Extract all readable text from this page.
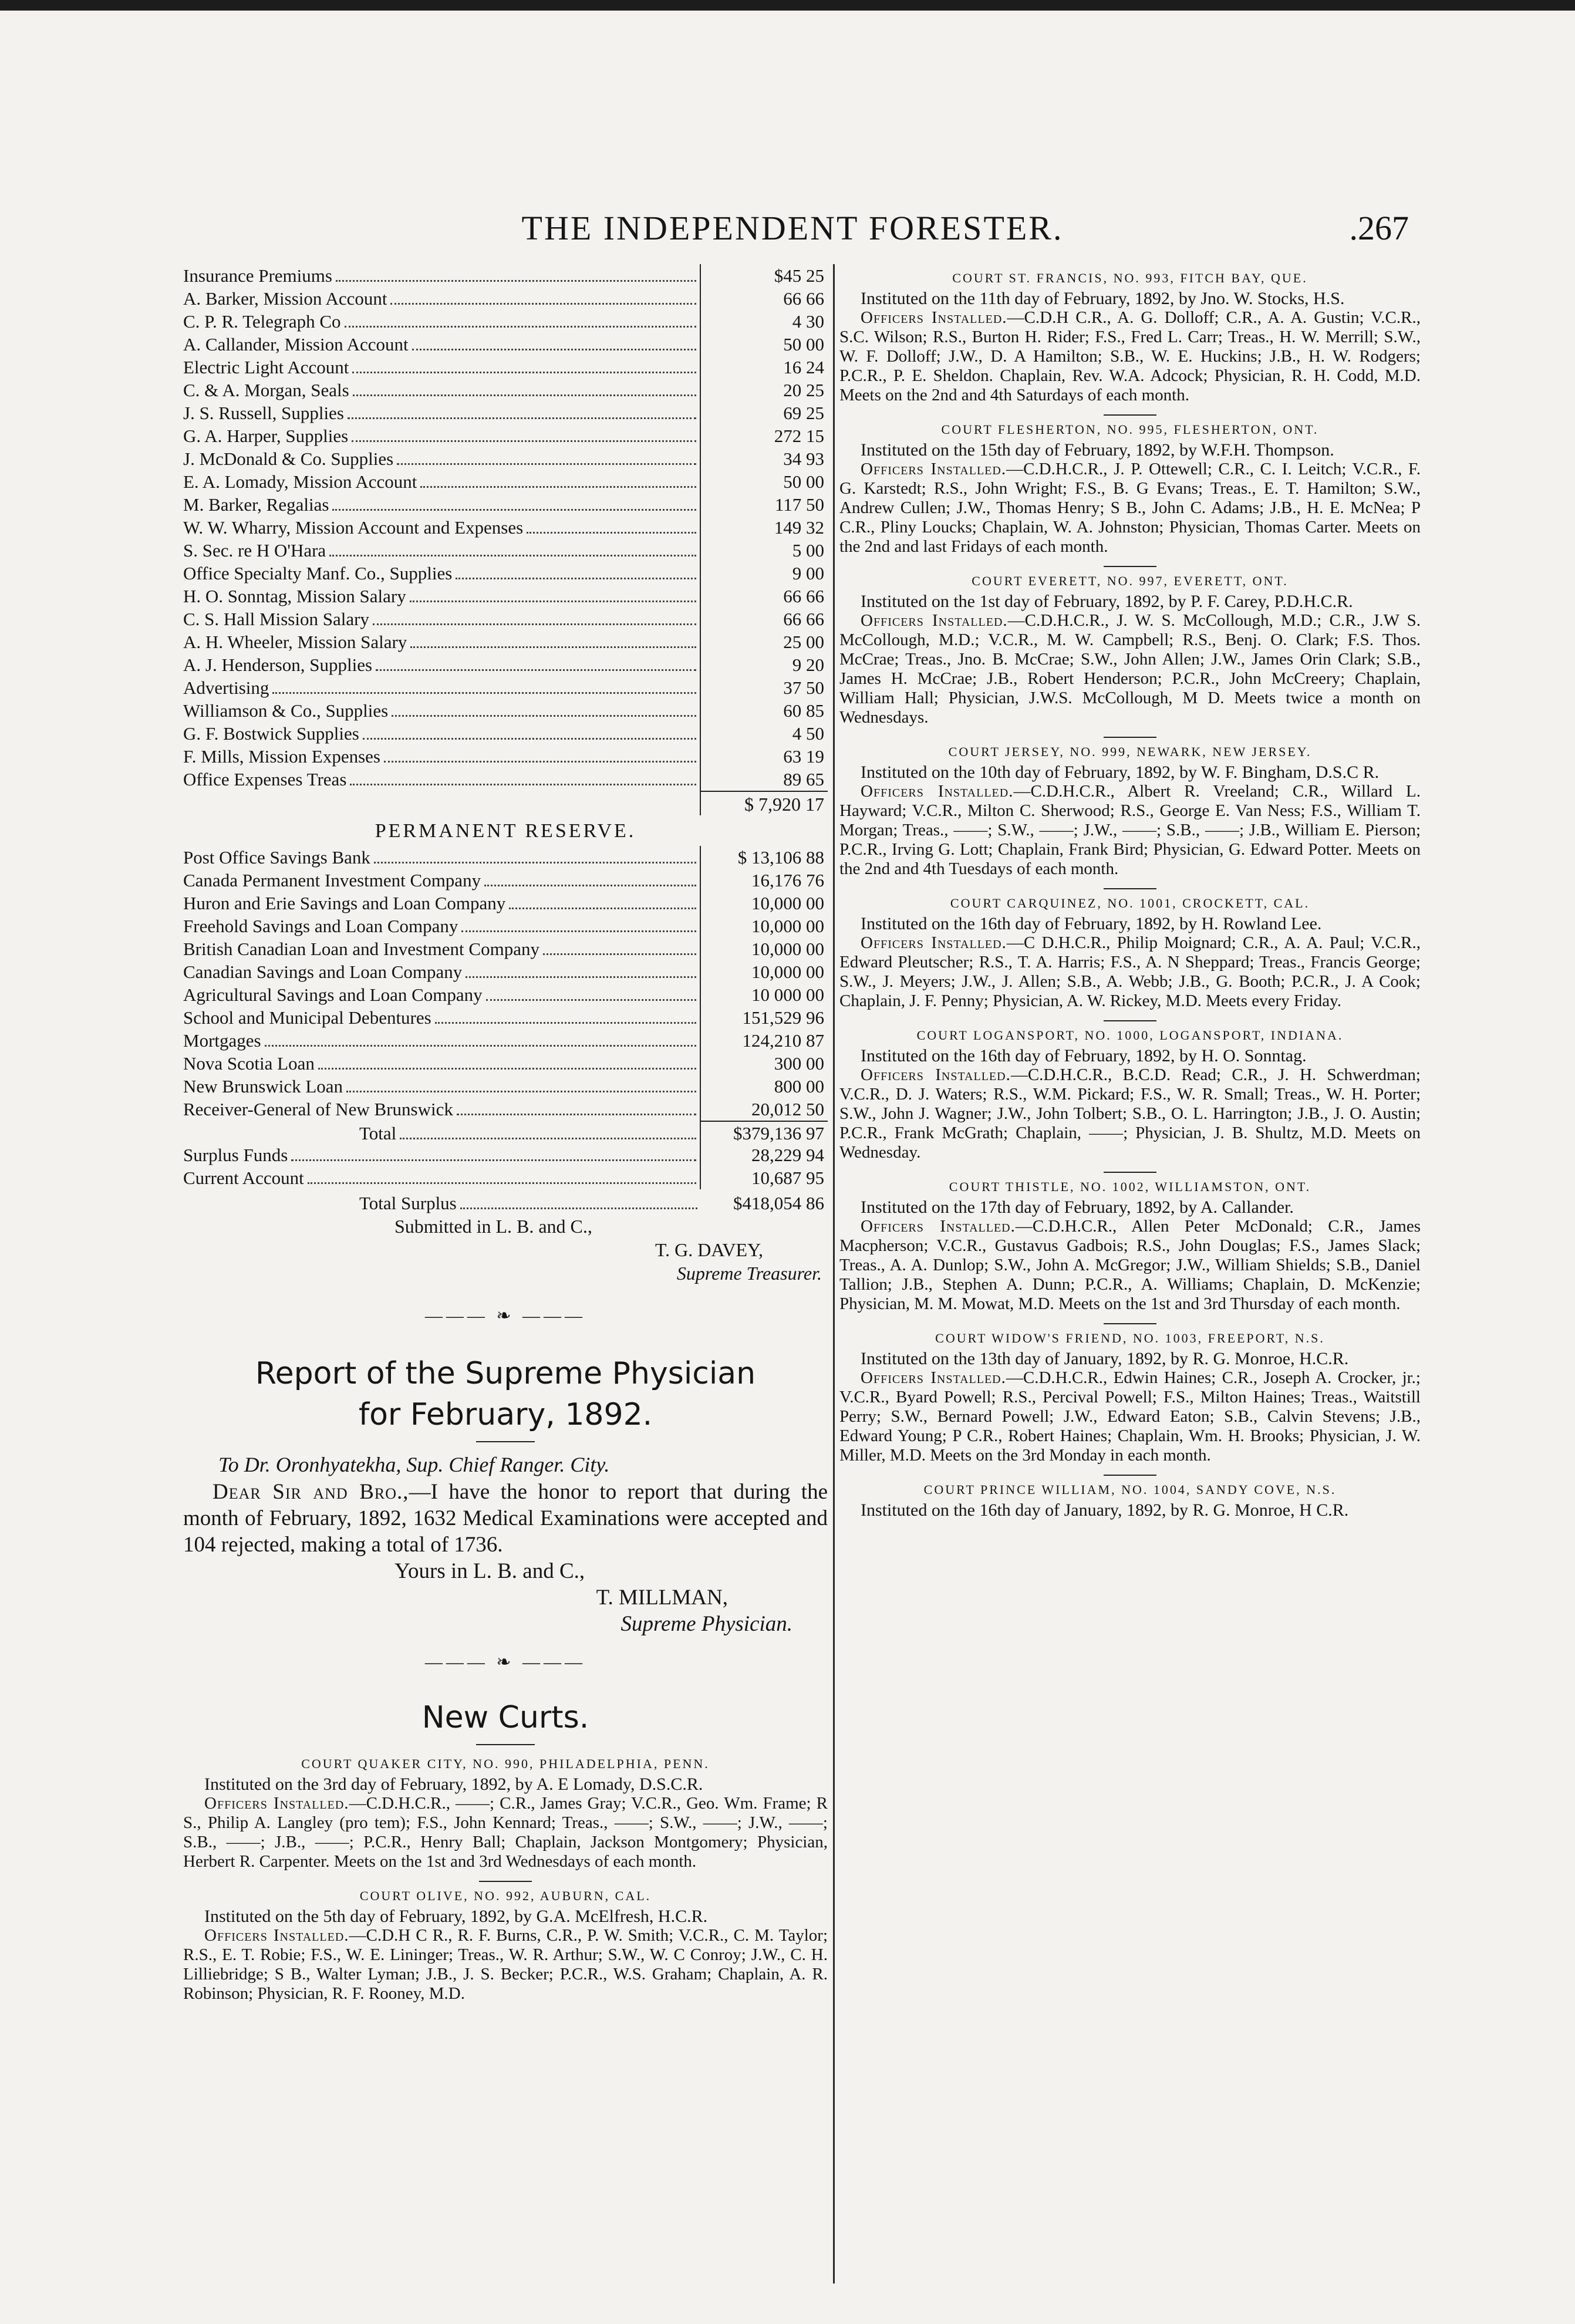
THE INDEPENDENT FORESTER.	.267
Insurance Premiums	$45 25
A. Barker, Mission Account	66 66
C. P. R. Telegraph Co	4 30
A. Callander, Mission Account	50 00
Electric Light Account	16 24
C. & A. Morgan, Seals	20 25
J. S. Russell, Supplies	69 25
G. A. Harper, Supplies	272 15
J. McDonald & Co. Supplies	34 93
E. A. Lomady, Mission Account	50 00
M. Barker, Regalias	117 50
W. W. Wharry, Mission Account and Expenses	149 32
S. Sec. re H O'Hara	5 00
Office Specialty Manf. Co., Supplies	9 00
H. O. Sonntag, Mission Salary	66 66
C. S. Hall Mission Salary	66 66
A. H. Wheeler, Mission Salary	25 00
A. J. Henderson, Supplies	9 20
Advertising	37 50
Williamson & Co., Supplies	60 85
G. F. Bostwick Supplies	4 50
F. Mills, Mission Expenses	63 19
Office Expenses Treas	89 65
$ 7,920 17
PERMANENT RESERVE.
Post Office Savings Bank	$ 13,106 88
Canada Permanent Investment Company	16,176 76
Huron and Erie Savings and Loan Company	10,000 00
Freehold Savings and Loan Company	10,000 00
British Canadian Loan and Investment Company	10,000 00
Canadian Savings and Loan Company	10,000 00
Agricultural Savings and Loan Company	10 000 00
School and Municipal Debentures	151,529 96
Mortgages	124,210 87
Nova Scotia Loan	300 00
New Brunswick Loan	800 00
Receiver-General of New Brunswick	20,012 50
Total	$379,136 97
Surplus Funds	28,229 94
Current Account	10,687 95
Total Surplus	$418,054 86
Submitted in L. B. and C.,
T. G. DAVEY,
Supreme Treasurer.
——— ❧ ———
Report of the Supreme Physician
for February, 1892.
To Dr. Oronhyatekha, Sup. Chief Ranger. City.
Dear Sir and Bro.,—I have the honor to report that during the month of February, 1892, 1632 Medical Examinations were accepted and 104 rejected, making a total of 1736.
Yours in L. B. and C.,
T. MILLMAN,
Supreme Physician.
——— ❧ ———
New Curts.
COURT QUAKER CITY, NO. 990, PHILADELPHIA, PENN.

Instituted on the 3rd day of February, 1892, by A. E Lomady, D.S.C.R.

Officers Installed.—C.D.H.C.R., ——; C.R., James Gray; V.C.R., Geo. Wm. Frame; R S., Philip A. Langley (pro tem); F.S., John Kennard; Treas., ——; S.W., ——; J.W., ——; S.B., ——; J.B., ——; P.C.R., Henry Ball; Chaplain, Jackson Montgomery; Physician, Herbert R. Carpenter. Meets on the 1st and 3rd Wednesdays of each month.

COURT OLIVE, NO. 992, AUBURN, CAL.

Instituted on the 5th day of February, 1892, by G.A. McElfresh, H.C.R.

Officers Installed.—C.D.H C R., R. F. Burns, C.R., P. W. Smith; V.C.R., C. M. Taylor; R.S., E. T. Robie; F.S., W. E. Lininger; Treas., W. R. Arthur; S.W., W. C Conroy; J.W., C. H. Lilliebridge; S B., Walter Lyman; J.B., J. S. Becker; P.C.R., W.S. Graham; Chaplain, A. R. Robinson; Physician, R. F. Rooney, M.D.

COURT ST. FRANCIS, NO. 993, FITCH BAY, QUE.

Instituted on the 11th day of February, 1892, by Jno. W. Stocks, H.S.

Officers Installed.—C.D.H C.R., A. G. Dolloff; C.R., A. A. Gustin; V.C.R., S.C. Wilson; R.S., Burton H. Rider; F.S., Fred L. Carr; Treas., H. W. Merrill; S.W., W. F. Dolloff; J.W., D. A Hamilton; S.B., W. E. Huckins; J.B., H. W. Rodgers; P.C.R., P. E. Sheldon. Chaplain, Rev. W.A. Adcock; Physician, R. H. Codd, M.D. Meets on the 2nd and 4th Saturdays of each month.

COURT FLESHERTON, NO. 995, FLESHERTON, ONT.

Instituted on the 15th day of February, 1892, by W.F.H. Thompson.

Officers Installed.—C.D.H.C.R., J. P. Ottewell; C.R., C. I. Leitch; V.C.R., F. G. Karstedt; R.S., John Wright; F.S., B. G Evans; Treas., E. T. Hamilton; S.W., Andrew Cullen; J.W., Thomas Henry; S B., John C. Adams; J.B., H. E. McNea; P C.R., Pliny Loucks; Chaplain, W. A. Johnston; Physician, Thomas Carter. Meets on the 2nd and last Fridays of each month.

COURT EVERETT, NO. 997, EVERETT, ONT.

Instituted on the 1st day of February, 1892, by P. F. Carey, P.D.H.C.R.

Officers Installed.—C.D.H.C.R., J. W. S. McCollough, M.D.; C.R., J.W S. McCollough, M.D.; V.C.R., M. W. Campbell; R.S., Benj. O. Clark; F.S. Thos. McCrae; Treas., Jno. B. McCrae; S.W., John Allen; J.W., James Orin Clark; S.B., James H. McCrae; J.B., Robert Henderson; P.C.R., John McCreery; Chaplain, William Hall; Physician, J.W.S. McCollough, M D. Meets twice a month on Wednesdays.

COURT JERSEY, NO. 999, NEWARK, NEW JERSEY.

Instituted on the 10th day of February, 1892, by W. F. Bingham, D.S.C R.

Officers Installed.—C.D.H.C.R., Albert R. Vreeland; C.R., Willard L. Hayward; V.C.R., Milton C. Sherwood; R.S., George E. Van Ness; F.S., William T. Morgan; Treas., ——; S.W., ——; J.W., ——; S.B., ——; J.B., William E. Pierson; P.C.R., Irving G. Lott; Chaplain, Frank Bird; Physician, G. Edward Potter. Meets on the 2nd and 4th Tuesdays of each month.

COURT CARQUINEZ, NO. 1001, CROCKETT, CAL.

Instituted on the 16th day of February, 1892, by H. Rowland Lee.

Officers Installed.—C D.H.C.R., Philip Moignard; C.R., A. A. Paul; V.C.R., Edward Pleutscher; R.S., T. A. Harris; F.S., A. N Sheppard; Treas., Francis George; S.W., J. Meyers; J.W., J. Allen; S.B., A. Webb; J.B., G. Booth; P.C.R., J. A Cook; Chaplain, J. F. Penny; Physician, A. W. Rickey, M.D. Meets every Friday.

COURT LOGANSPORT, NO. 1000, LOGANSPORT, INDIANA.

Instituted on the 16th day of February, 1892, by H. O. Sonntag.

Officers Installed.—C.D.H.C.R., B.C.D. Read; C.R., J. H. Schwerdman; V.C.R., D. J. Waters; R.S., W.M. Pickard; F.S., W. R. Small; Treas., W. H. Porter; S.W., John J. Wagner; J.W., John Tolbert; S.B., O. L. Harrington; J.B., J. O. Austin; P.C.R., Frank McGrath; Chaplain, ——; Physician, J. B. Shultz, M.D. Meets on Wednesday.

COURT THISTLE, NO. 1002, WILLIAMSTON, ONT.

Instituted on the 17th day of February, 1892, by A. Callander.

Officers Installed.—C.D.H.C.R., Allen Peter McDonald; C.R., James Macpherson; V.C.R., Gustavus Gadbois; R.S., John Douglas; F.S., James Slack; Treas., A. A. Dunlop; S.W., John A. McGregor; J.W., William Shields; S.B., Daniel Tallion; J.B., Stephen A. Dunn; P.C.R., A. Williams; Chaplain, D. McKenzie; Physician, M. M. Mowat, M.D. Meets on the 1st and 3rd Thursday of each month.

COURT WIDOW'S FRIEND, NO. 1003, FREEPORT, N.S.

Instituted on the 13th day of January, 1892, by R. G. Monroe, H.C.R.

Officers Installed.—C.D.H.C.R., Edwin Haines; C.R., Joseph A. Crocker, jr.; V.C.R., Byard Powell; R.S., Percival Powell; F.S., Milton Haines; Treas., Waitstill Perry; S.W., Bernard Powell; J.W., Edward Eaton; S.B., Calvin Stevens; J.B., Edward Young; P C.R., Robert Haines; Chaplain, Wm. H. Brooks; Physician, J. W. Miller, M.D. Meets on the 3rd Monday in each month.

COURT PRINCE WILLIAM, NO. 1004, SANDY COVE, N.S.

Instituted on the 16th day of January, 1892, by R. G. Monroe, H C.R.
